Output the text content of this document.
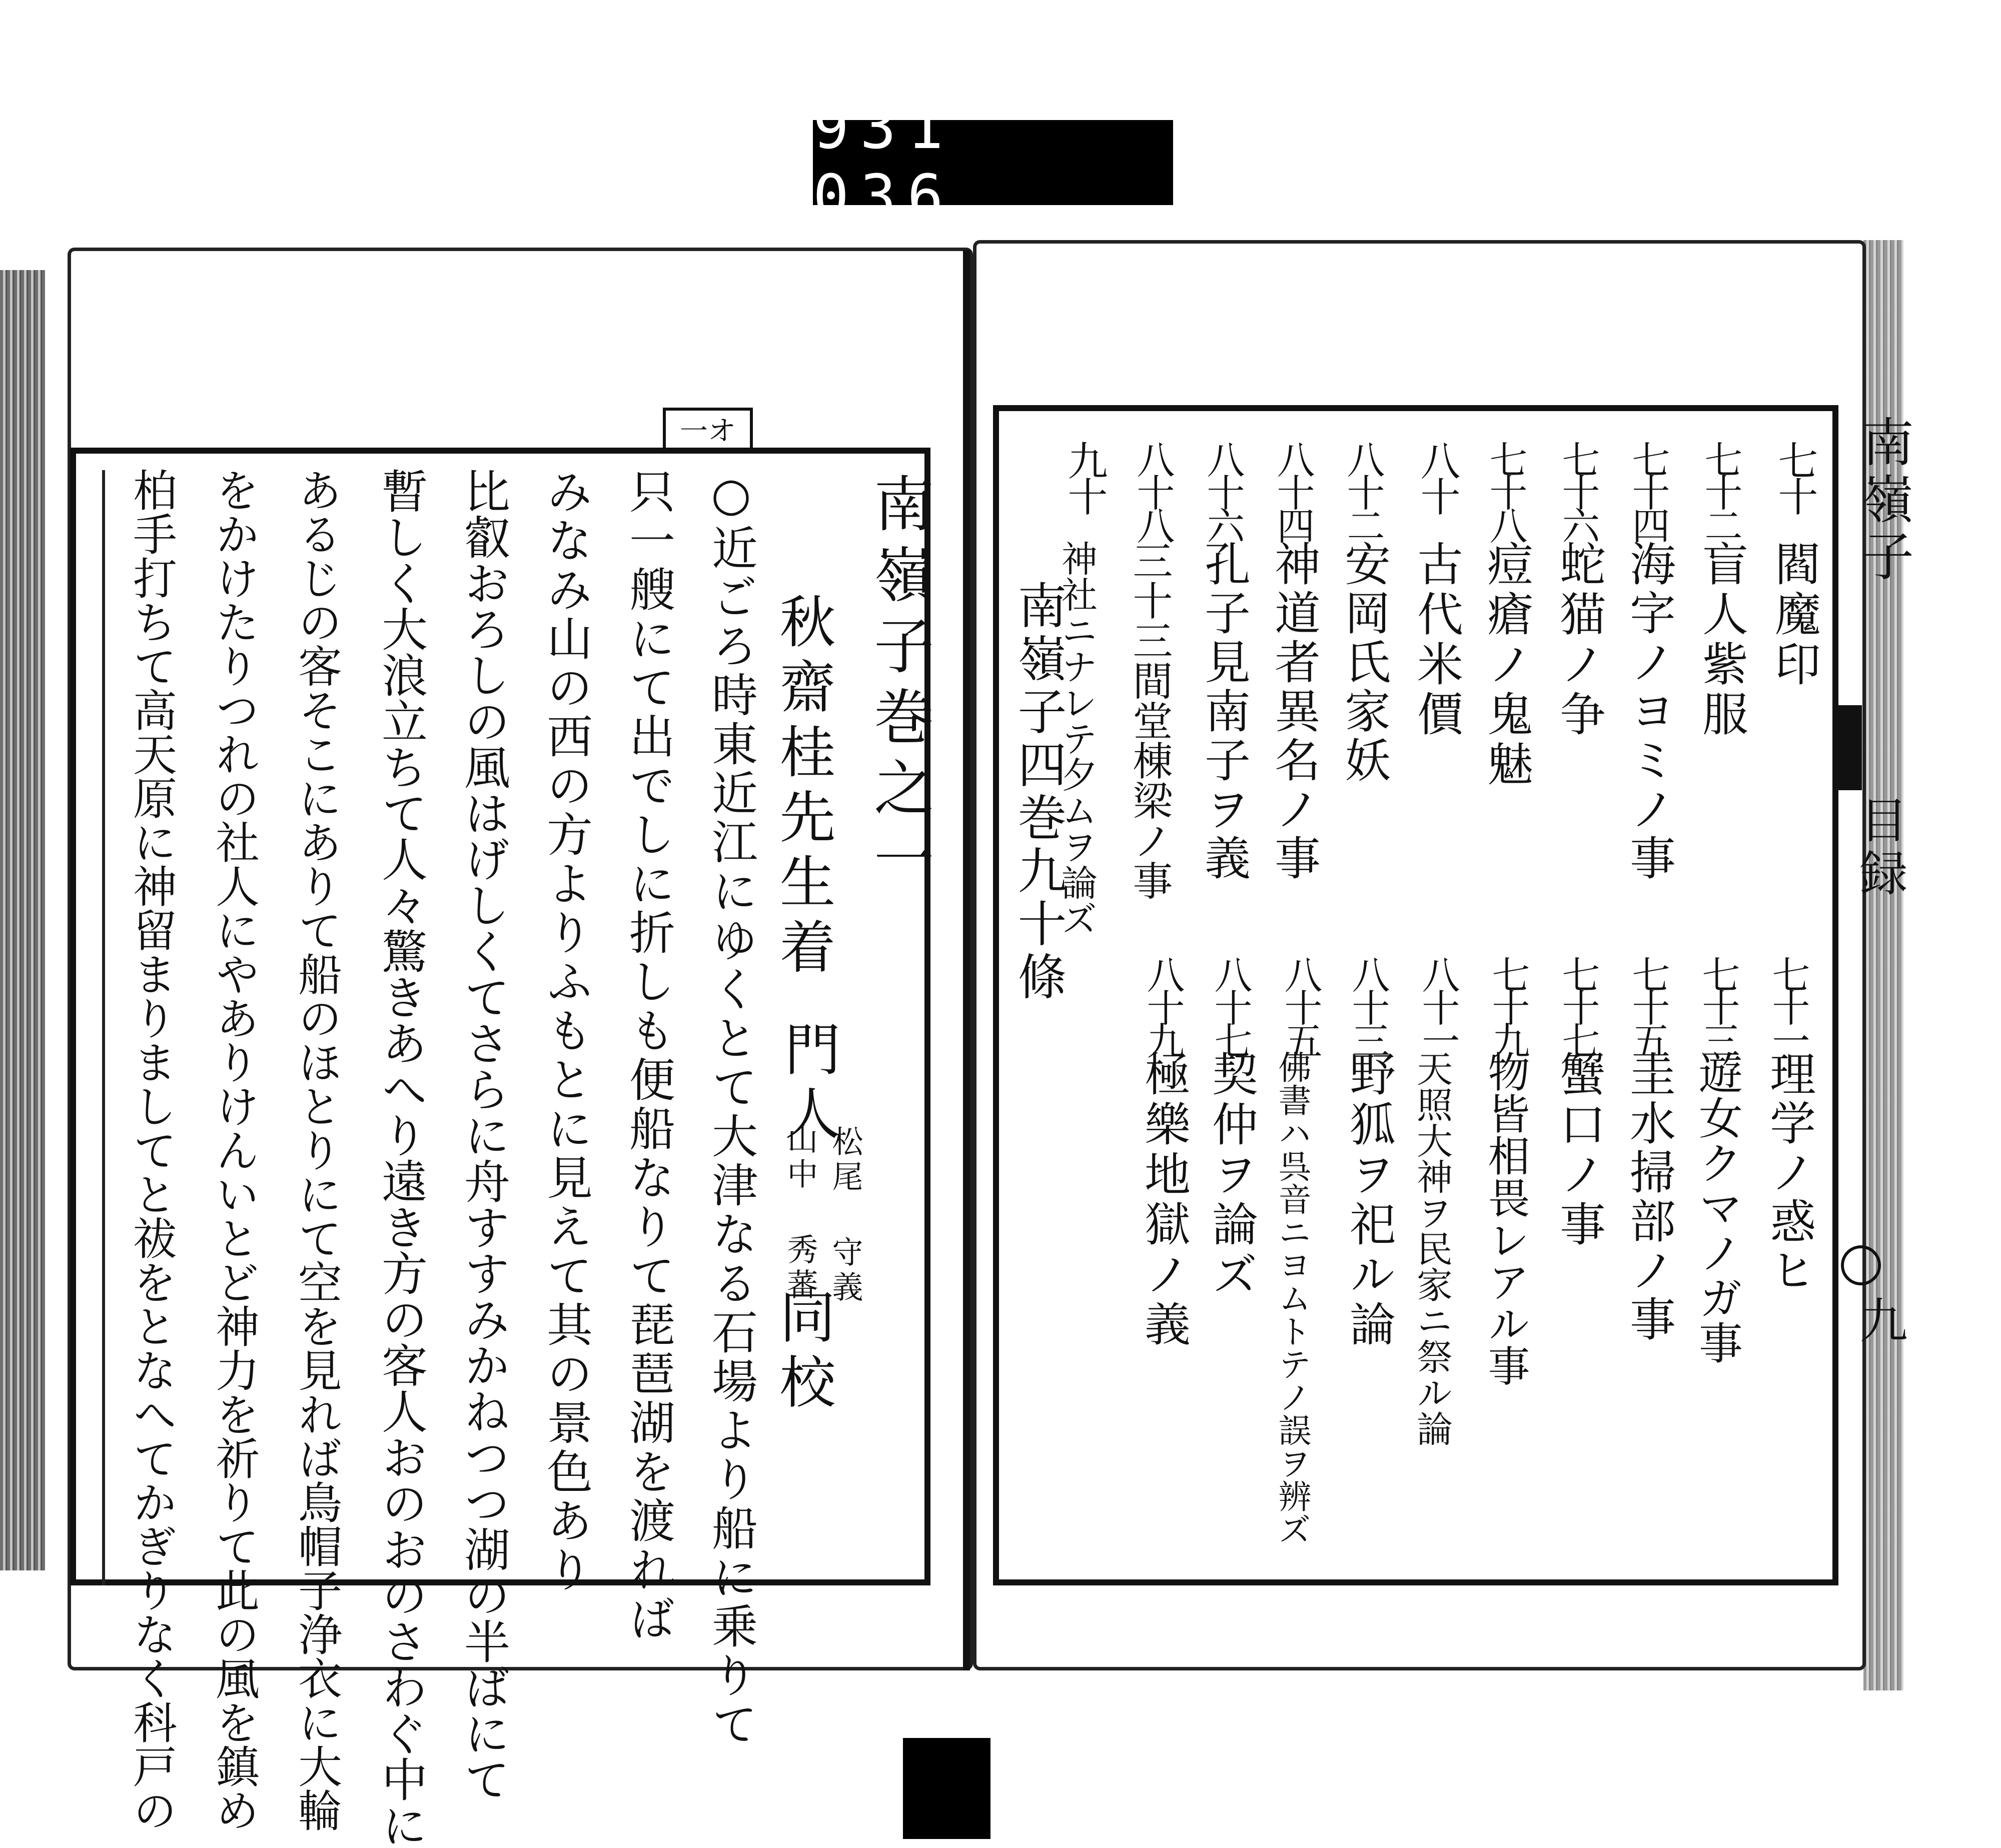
931 036.
一オ
南嶺子巻之一
秋齋桂先生着
門人
松尾 守義
山中 秀蕃
同校
○近ごろ時東近江にゆくとて大津なる石場より船に乗りて
只一艘にて出でしに折しも便船なりて琵琶湖を渡れば
みなみ山の西の方よりふもとに見えて其の景色あり
比叡おろしの風はげしくてさらに舟すすみかねつつ湖の半ばにて
暫しく大浪立ちて人々驚きあへり遠き方の客人おのおのさわぐ中に
あるじの客そこにありて船のほとりにて空を見れば鳥帽子浄衣に大輪
をかけたりつれの社人にやありけんいとど神力を祈りて此の風を鎮め
柏手打ちて高天原に神留まりましてと祓をとなへてかぎりなく科戸の	南嶺子
目録
九
七十
閻魔印
七十二
盲人紫服
七十四
海字ノヨミノ事
七十六
蛇猫ノ争
七十八
痘瘡ノ鬼魅
八十
古代米價
八十二
安岡氏家妖
八十四
神道者異名ノ事
八十六
孔子見南子ヲ義
八十八
三十三間堂棟梁ノ事
九十
神社ニナレテ夕ムヲ論ズ
七十一
理学ノ惑ヒ
七十三
遊女クマノガ事
七十五
圭水掃部ノ事
七十七
蟹口ノ事
七十九
物皆相畏レアル事
八十一
天照大神ヲ民家ニ祭ル論
八十三
野狐ヲ祀ル論
八十五
佛書ハ呉音ニヨムトテノ誤ヲ辨ズ
八十七
契仲ヲ論ズ
八十九
極樂地獄ノ義
南嶺子四巻九十條
